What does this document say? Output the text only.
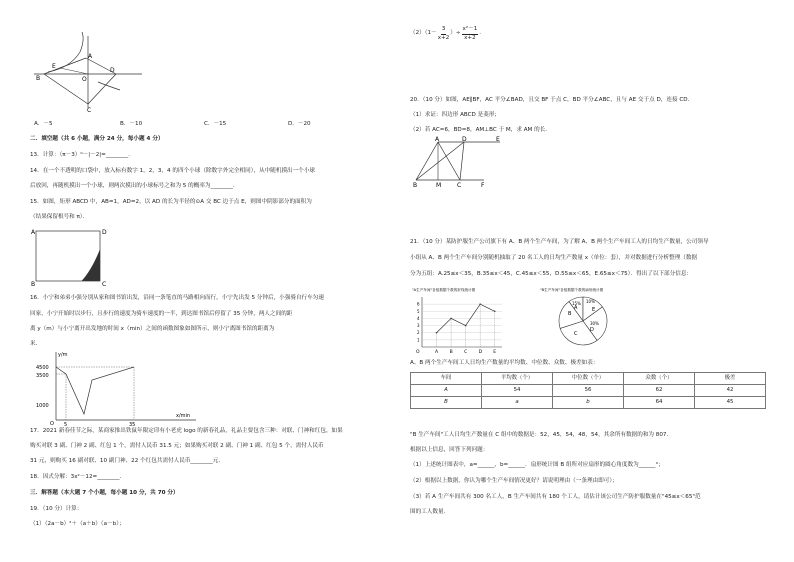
A
B
D
E
O
C
A．－5	B．－10	C．－15	D．－20
二．填空题（共 6 小题，满分 24 分，每小题 4 分）
13．计算：（π－3）⁰－|－2|=________．
14．在一个不透明的口袋中，放入标有数字 1，2，3，4 的四个小球（除数字外完全相同），从中随机摸出一个小球
后放回，再随机摸出一个小球，则两次摸出的小球标号之和为 5 的概率为________．
15．如图，矩形 ABCD 中，AB=1，AD=2，以 AD 的长为半径的⊙A 交 BC 边于点 E，则图中阴影部分的面积为
（结果保留根号和 π）．
A
B	C
D
16．小宁和弟弟小强分别从家和图书馆出发，沿同一条笔直的马路相向而行，小宁先出发 5 分钟后，小强骑自行车匀速
回家，小宁开始时以步行，且步行的速度为骑车速度的一半，到达图书馆后停留了 35 分钟，两人之间的距
离 y（m）与小宁离开出发地的时间 x（min）之间的函数图象如图所示，则小宁离图书馆的距离为
米．
y/m
x/min
O 5	35
4500
3500
1000
17．2021 新春佳节之际，某商家推出铁鼠年限定印有小老虎 logo 的新春礼品，礼品主要包含三种：对联、门神和红包，如果
购买对联 3 副、门神 2 副、红包 1 个，需付人民币 31.5 元；如果购买对联 2 副、门神 1 副、红包 5 个，需付人民币
31 元，则购买 16 副对联、10 副门神、22 个红包共需付人民币________元．
18．因式分解：3x²－12=________．
三．解答题（本大题 7 个小题，每小题 10 分，共 70 分）
19．（10 分）计算：
（1）（2a－b）²＋（a＋b）（a－b）；
$(2)(1- \frac{3}{x+2}$ ）÷ $\frac{\text{x²－1}}{x+2}$ ．
20．（10 分）如图，AE∥BF，AC 平分∠BAD，且交 BF 于点 C，BD 平分∠ABC，且与 AE 交于点 D，连接 CD．
（1）求证：四边形 ABCD 是菱形；
（2）若 AC=6，BD=8，AM⊥BC 于 M，求 AM 的长．
A	D	E
B	M	C	F
21．（10 分）某防护服生产公司旗下有 A、B 两个生产车间，为了解 A、B 两个生产车间工人的日均生产数量，公司领导
小组从 A、B 两个生产车间分别随机抽取了 20 名工人的日均生产数量 x（单位：套），并对数据进行分析整理（数据
分为五组：A.25≤x＜35，B.35≤x＜45，C.45≤x＜55，D.55≤x＜65，E.65≤x＜75）．得出了以下部分信息：
"A生产车间"各组数据个数的折线统计图
1
2
3
4
5
6
A	B	C	D E
O
"B生产车间"各组数据个数的扇形统计图
A
B
C
D
E
15% 10%
30%
A、B 两个生产车间工人日均生产数量的平均数、中位数、众数、极差如表：
车间	平均数（个）	中位数（个）	众数（个）	极差
A	54	56	62	42
B	a	b	64	45
"B 生产车间"工人日均生产数量在 C 组中的数据是：52，45，54，48，54，其余所有数据的和为 807．
根据以上信息，回答下列问题：
（1）上述统计图表中，a=______，b=______．扇形统计图 B 组所对应扇形的圆心角度数为______°；
（2）根据以上数据，你认为哪个生产车间情况更好？请说明理由（一条理由即可）；
（3）若 A 生产车间共有 300 名工人，B 生产车间共有 180 个工人，请估计该公司生产防护服数量在"45≤x＜65"范
围的工人数量．
